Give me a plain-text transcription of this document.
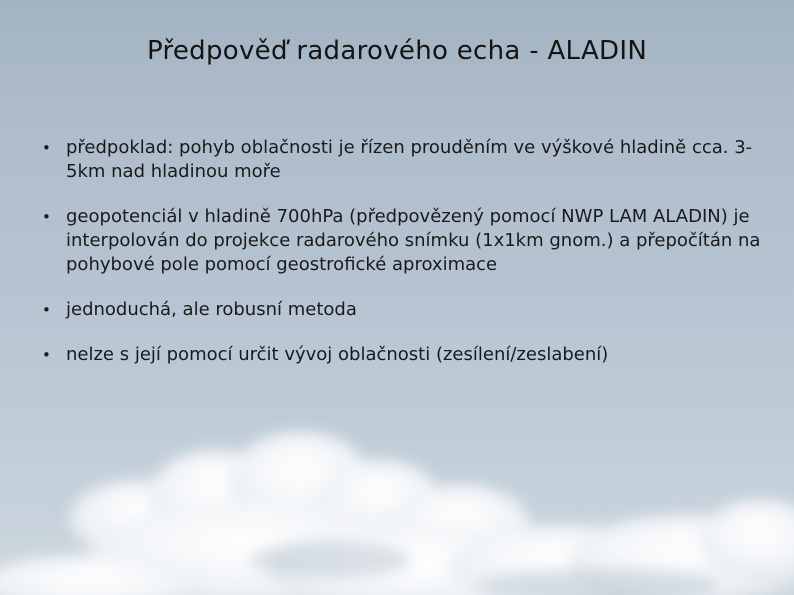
Předpověď radarového echa - ALADIN
• předpoklad: pohyb oblačnosti je řízen prouděním ve výškové hladině cca. 3-5km nad hladinou moře
• geopotenciál v hladině 700hPa (předpovězený pomocí NWP LAM ALADIN) je interpolován do projekce radarového snímku (1x1km gnom.) a přepočítán na pohybové pole pomocí geostrofické aproximace
• jednoduchá, ale robusní metoda
• nelze s její pomocí určit vývoj oblačnosti (zesílení/zeslabení)
